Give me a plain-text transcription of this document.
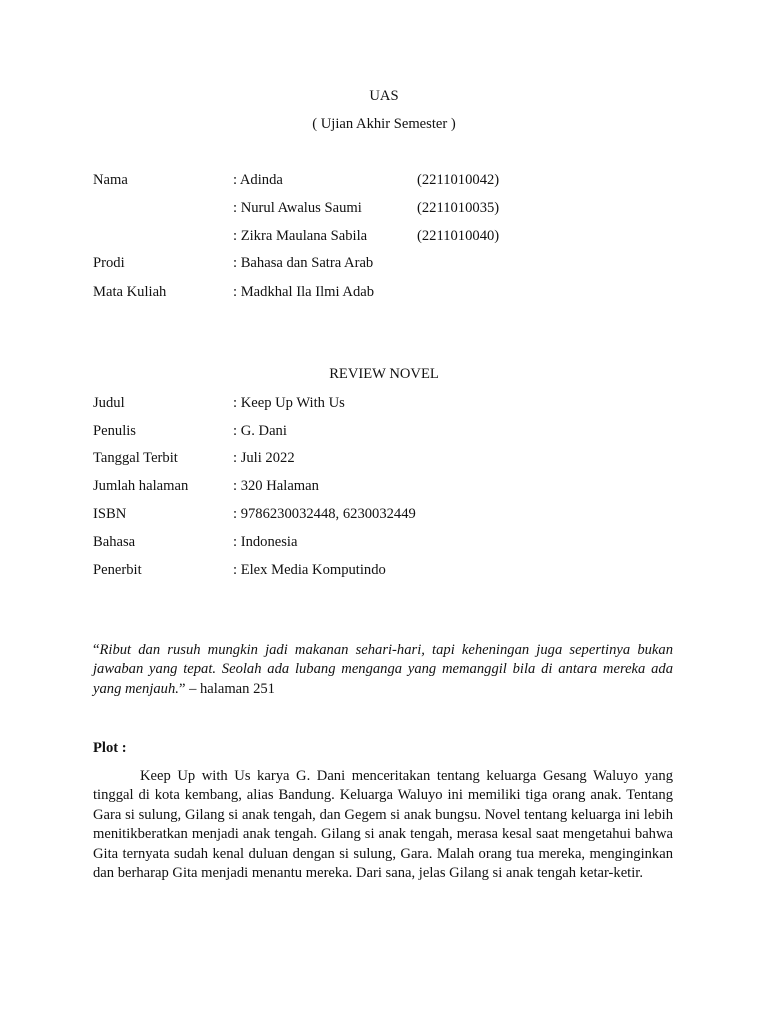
UAS
( Ujian Akhir Semester )
Nama	: Adinda	(2211010042)
: Nurul Awalus Saumi	(2211010035)
: Zikra Maulana Sabila	(2211010040)
Prodi	: Bahasa dan Satra Arab
Mata Kuliah	: Madkhal Ila Ilmi Adab
REVIEW NOVEL
Judul	: Keep Up With Us
Penulis	: G. Dani
Tanggal Terbit	: Juli 2022
Jumlah halaman	: 320 Halaman
ISBN	: 9786230032448, 6230032449
Bahasa	: Indonesia
Penerbit	: Elex Media Komputindo
“Ribut dan rusuh mungkin jadi makanan sehari-hari, tapi keheningan juga sepertinya bukan jawaban yang tepat. Seolah ada lubang menganga yang memanggil bila di antara mereka ada yang menjauh.” – halaman 251
Plot :
Keep Up with Us karya G. Dani menceritakan tentang keluarga Gesang Waluyo yang tinggal di kota kembang, alias Bandung. Keluarga Waluyo ini memiliki tiga orang anak. Tentang Gara si sulung, Gilang si anak tengah, dan Gegem si anak bungsu. Novel tentang keluarga ini lebih menitikberatkan menjadi anak tengah. Gilang si anak tengah, merasa kesal saat mengetahui bahwa Gita ternyata sudah kenal duluan dengan si sulung, Gara. Malah orang tua mereka, menginginkan dan berharap Gita menjadi menantu mereka. Dari sana, jelas Gilang si anak tengah ketar-ketir.
